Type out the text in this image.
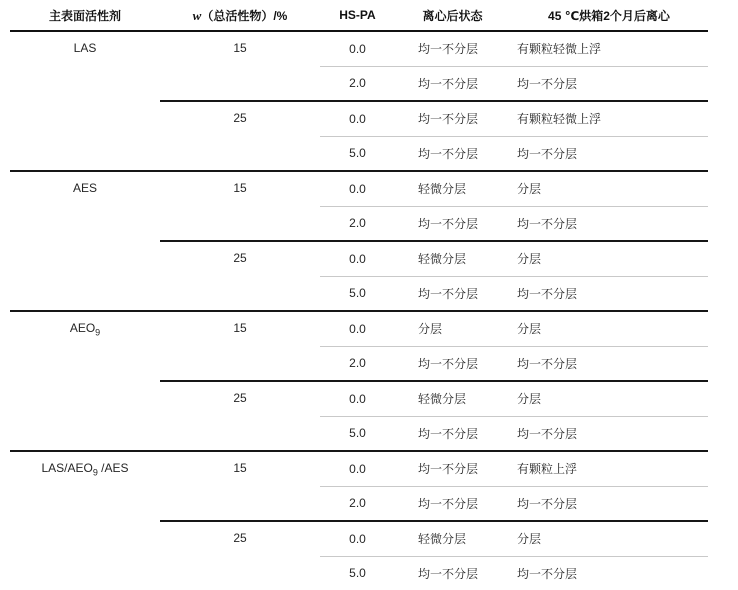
主表面活性剂	w（总活性物）/%	HS-PA	离心后状态	45 ℃烘箱2个月后离心
LAS	15	0.0	均一不分层	有颗粒轻微上浮
		2.0	均一不分层	均一不分层
	25	0.0	均一不分层	有颗粒轻微上浮
		5.0	均一不分层	均一不分层
AES	15	0.0	轻微分层	分层
		2.0	均一不分层	均一不分层
	25	0.0	轻微分层	分层
		5.0	均一不分层	均一不分层
$AEO_9$	15	0.0	分层	分层
		2.0	均一不分层	均一不分层
	25	0.0	轻微分层	分层
		5.0	均一不分层	均一不分层
LAS/$AEO_9$ /AES	15	0.0	均一不分层	有颗粒上浮
		2.0	均一不分层	均一不分层
	25	0.0	轻微分层	分层
		5.0	均一不分层	均一不分层
